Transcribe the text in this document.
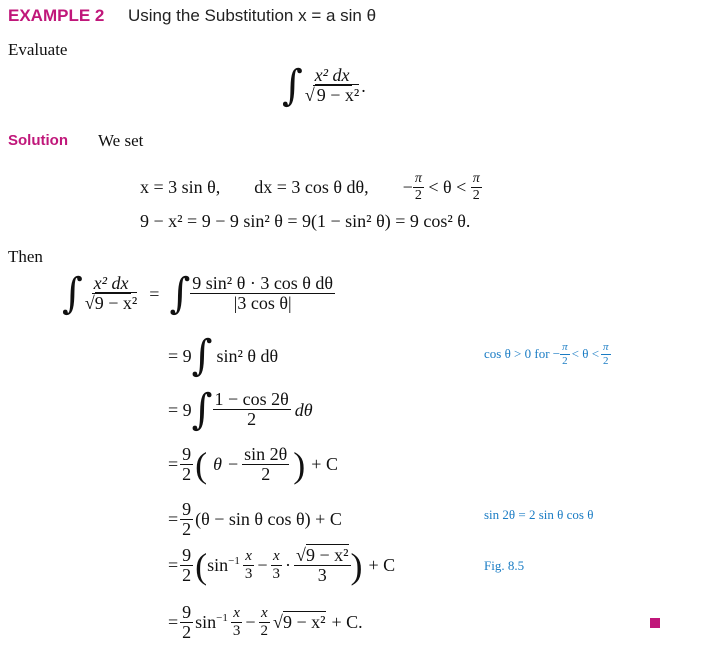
EXAMPLE 2 Using the Substitution x = a sin θ
Evaluate
∫ $\frac{\text{x² dx}}{\text{√ 9 − x²}}$ .
Solution We set
x = 3 sin θ, dx = 3 cos θ dθ, − $\frac{\pi}{2} < \theta < \frac{\pi}{2}$
9 − x² = 9 − 9 sin² θ = 9(1 − sin² θ) = 9 cos² θ.
Then
∫ $\frac{\text{x² dx}}{\text{√9 − x²}}$ = ∫ $\frac{\text{9 sin² θ · 3 cos θ dθ}}{\text{|3 cos θ|}}$
= 9 ∫ sin² θ dθ
= 9 ∫ $\frac{1 - \cos 2\theta}{2}$ dθ
= $\frac{9}{2}$ ( $\theta - \frac{\sin 2\theta}{2}$ ) + C
= $\frac{9}{2} (\theta - \sin \theta$ cos θ) + C
= $\frac{9}{2}$ ( $\sin^{-1} \frac{x}{3} - \frac{x}{3} \cdot \frac{\text{√9 − x²}}{3}$ ) + C
= $\frac{9}{2} \sin^{-1} \frac{x}{3} - \frac{x}{2} √9 - x^2 + C$.
cos θ > 0 for − $\frac{\pi}{2} < \theta < \frac{\pi}{2}$
sin 2θ = 2 sin θ cos θ
Fig. 8.5
